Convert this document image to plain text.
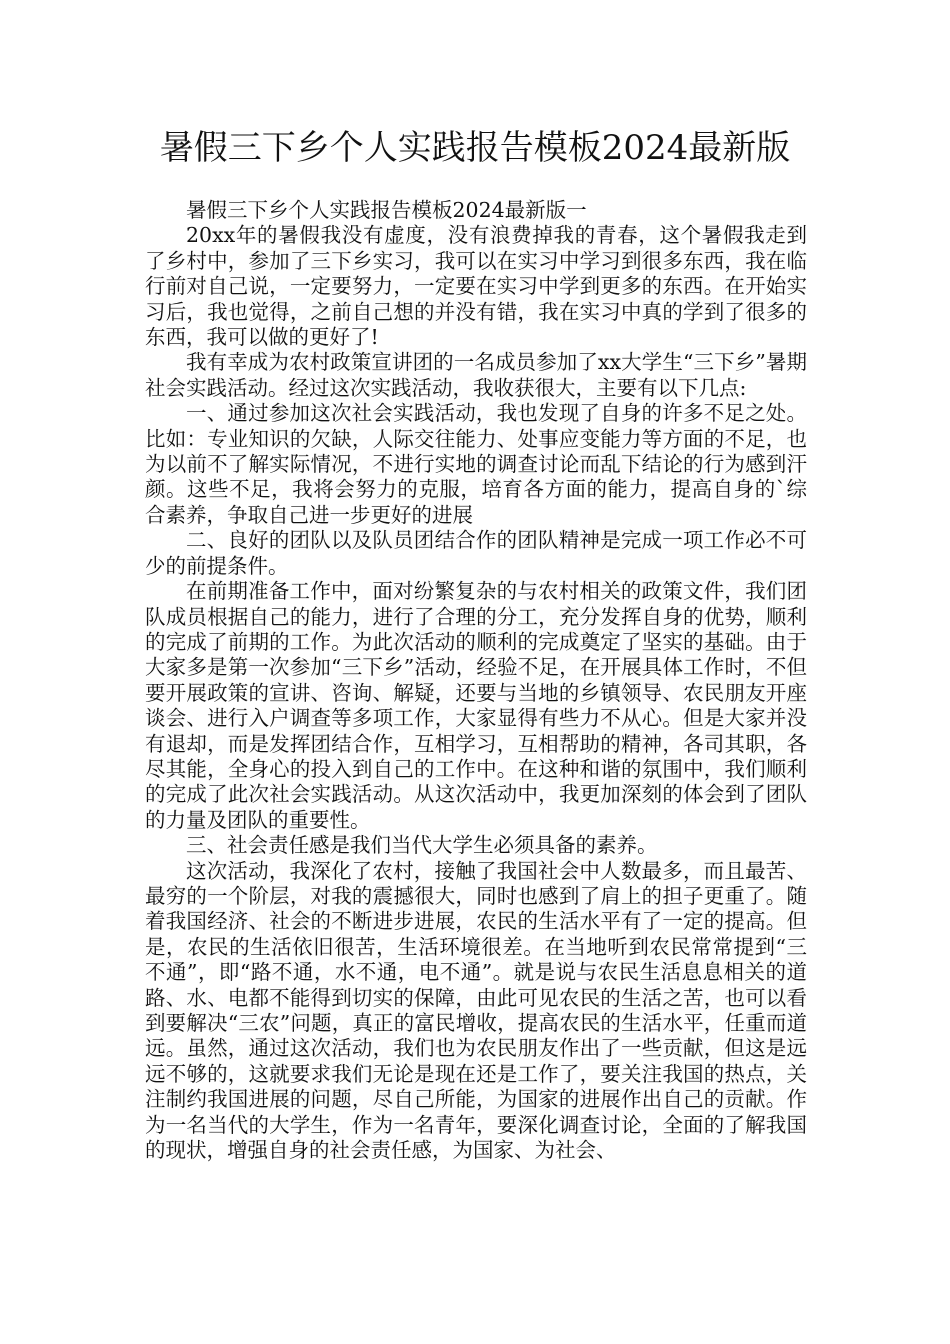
暑假三下乡个人实践报告模板2024最新版

暑假三下乡个人实践报告模板2024最新版一

20xx年的暑假我没有虚度，没有浪费掉我的青春，这个暑假我走到了乡村中，参加了三下乡实习，我可以在实习中学习到很多东西，我在临行前对自己说，一定要努力，一定要在实习中学到更多的东西。在开始实习后，我也觉得，之前自己想的并没有错，我在实习中真的学到了很多的东西，我可以做的更好了!

我有幸成为农村政策宣讲团的一名成员参加了xx大学生“三下乡”暑期社会实践活动。经过这次实践活动，我收获很大，主要有以下几点:

一、通过参加这次社会实践活动，我也发现了自身的许多不足之处。比如：专业知识的欠缺，人际交往能力、处事应变能力等方面的不足，也为以前不了解实际情况，不进行实地的调查讨论而乱下结论的行为感到汗颜。这些不足，我将会努力的克服，培育各方面的能力，提高自身的`综合素养，争取自己进一步更好的进展

二、良好的团队以及队员团结合作的团队精神是完成一项工作必不可少的前提条件。

在前期准备工作中，面对纷繁复杂的与农村相关的政策文件，我们团队成员根据自己的能力，进行了合理的分工，充分发挥自身的优势，顺利的完成了前期的工作。为此次活动的顺利的完成奠定了坚实的基础。由于大家多是第一次参加“三下乡”活动，经验不足，在开展具体工作时，不但要开展政策的宣讲、咨询、解疑，还要与当地的乡镇领导、农民朋友开座谈会、进行入户调查等多项工作，大家显得有些力不从心。但是大家并没有退却，而是发挥团结合作，互相学习，互相帮助的精神，各司其职，各尽其能，全身心的投入到自己的工作中。在这种和谐的氛围中，我们顺利的完成了此次社会实践活动。从这次活动中，我更加深刻的体会到了团队的力量及团队的重要性。

三、社会责任感是我们当代大学生必须具备的素养。

这次活动，我深化了农村，接触了我国社会中人数最多，而且最苦、最穷的一个阶层，对我的震撼很大，同时也感到了肩上的担子更重了。随着我国经济、社会的不断进步进展，农民的生活水平有了一定的提高。但是，农民的生活依旧很苦，生活环境很差。在当地听到农民常常提到“三不通”，即“路不通，水不通，电不通”。就是说与农民生活息息相关的道路、水、电都不能得到切实的保障，由此可见农民的生活之苦，也可以看到要解决“三农”问题，真正的富民增收，提高农民的生活水平，任重而道远。虽然，通过这次活动，我们也为农民朋友作出了一些贡献，但这是远远不够的，这就要求我们无论是现在还是工作了，要关注我国的热点，关注制约我国进展的问题，尽自己所能，为国家的进展作出自己的贡献。作为一名当代的大学生，作为一名青年，要深化调查讨论，全面的了解我国的现状，增强自身的社会责任感，为国家、为社会、
